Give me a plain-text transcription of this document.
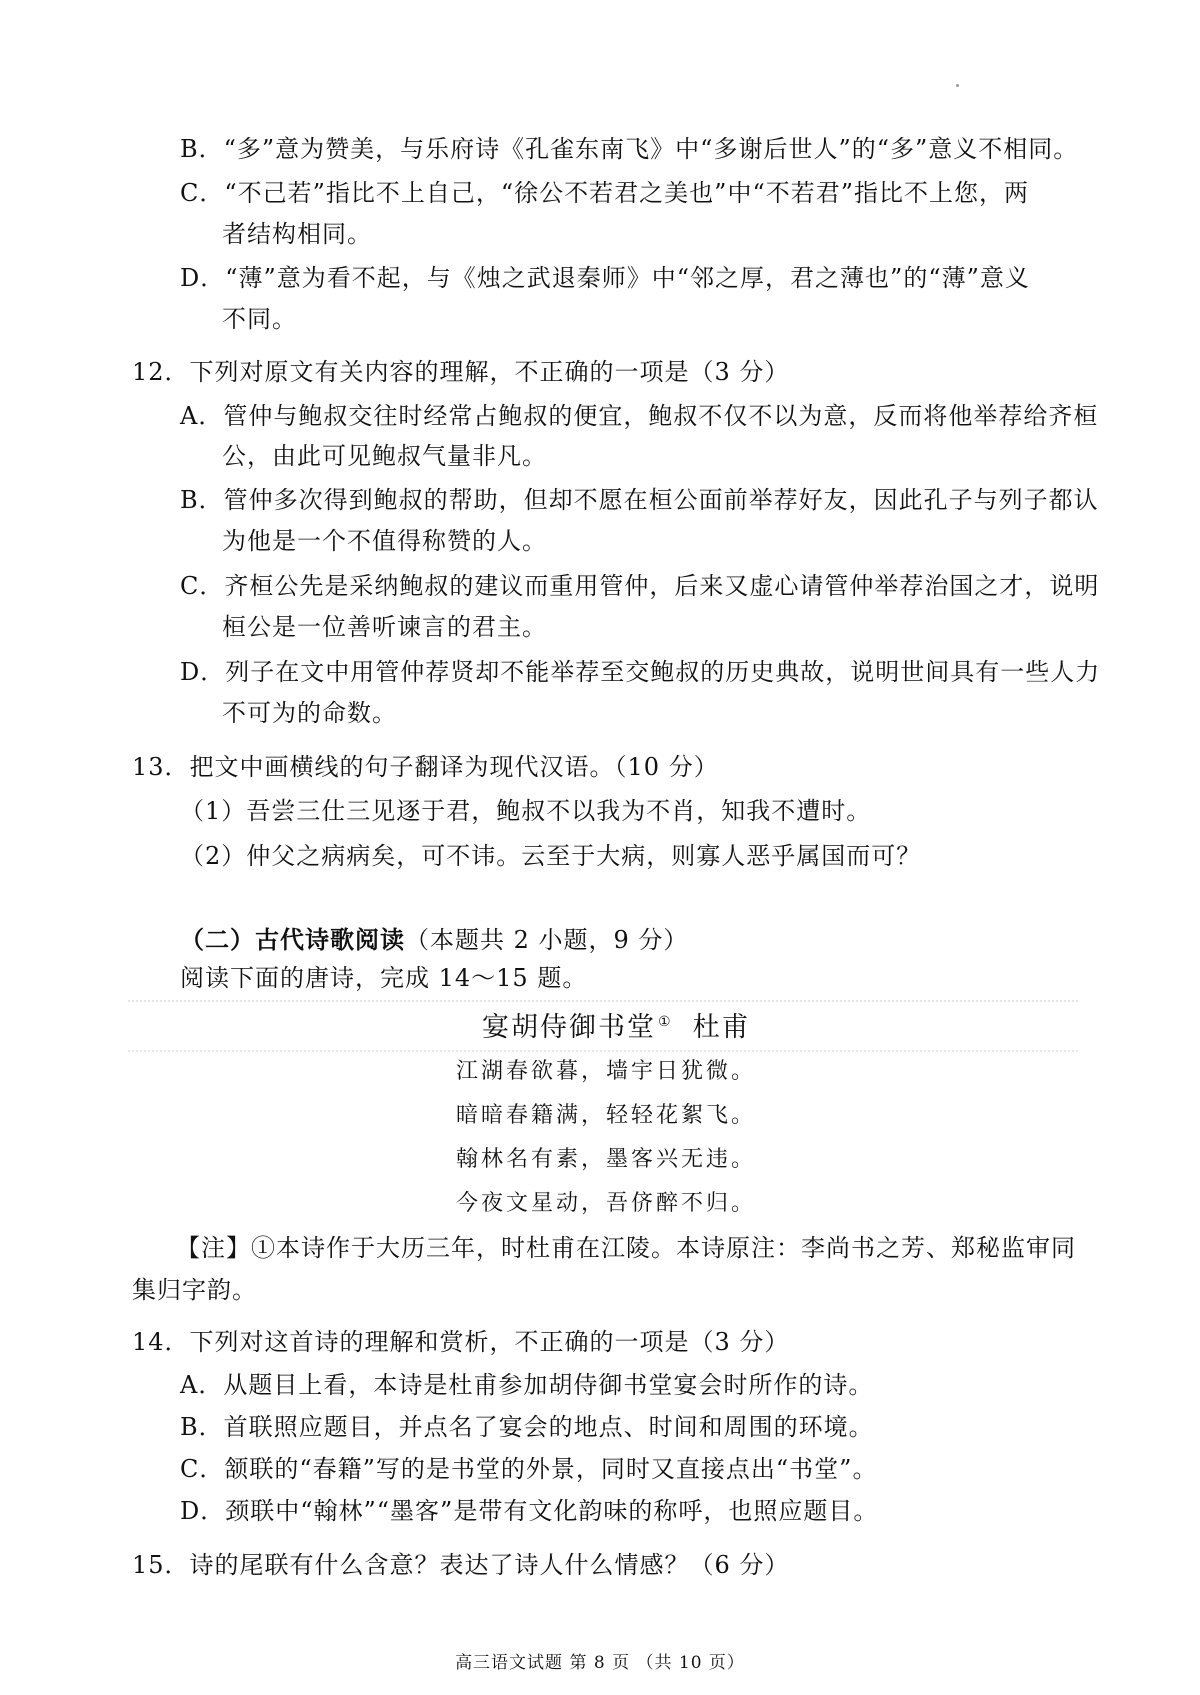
B．“多”意为赞美，与乐府诗《孔雀东南飞》中“多谢后世人”的“多”意义不相同。
C．“不己若”指比不上自己，“徐公不若君之美也”中“不若君”指比不上您，两
者结构相同。
D．“薄”意为看不起，与《烛之武退秦师》中“邻之厚，君之薄也”的“薄”意义
不同。
12．下列对原文有关内容的理解，不正确的一项是（3 分）
A．管仲与鲍叔交往时经常占鲍叔的便宜，鲍叔不仅不以为意，反而将他举荐给齐桓
公，由此可见鲍叔气量非凡。
B．管仲多次得到鲍叔的帮助，但却不愿在桓公面前举荐好友，因此孔子与列子都认
为他是一个不值得称赞的人。
C．齐桓公先是采纳鲍叔的建议而重用管仲，后来又虚心请管仲举荐治国之才，说明
桓公是一位善听谏言的君主。
D．列子在文中用管仲荐贤却不能举荐至交鲍叔的历史典故，说明世间具有一些人力
不可为的命数。
13．把文中画横线的句子翻译为现代汉语。（10 分）
（1）吾尝三仕三见逐于君，鲍叔不以我为不肖，知我不遭时。
（2）仲父之病病矣，可不讳。云至于大病，则寡人恶乎属国而可？
（二）古代诗歌阅读（本题共 2 小题，9 分）
阅读下面的唐诗，完成 14～15 题。
宴胡侍御书堂 ① 杜甫
江湖春欲暮，墙宇日犹微。
暗暗春籍满，轻轻花絮飞。
翰林名有素，墨客兴无违。
今夜文星动，吾侪醉不归。
【注】①本诗作于大历三年，时杜甫在江陵。本诗原注：李尚书之芳、郑秘监审同
集归字韵。
14．下列对这首诗的理解和赏析，不正确的一项是（3 分）
A．从题目上看，本诗是杜甫参加胡侍御书堂宴会时所作的诗。
B．首联照应题目，并点名了宴会的地点、时间和周围的环境。
C．颔联的“春籍”写的是书堂的外景，同时又直接点出“书堂”。
D．颈联中“翰林”“墨客”是带有文化韵味的称呼，也照应题目。
15．诗的尾联有什么含意？表达了诗人什么情感？（6 分）
高三语文试题 第 8 页 （共 10 页）
